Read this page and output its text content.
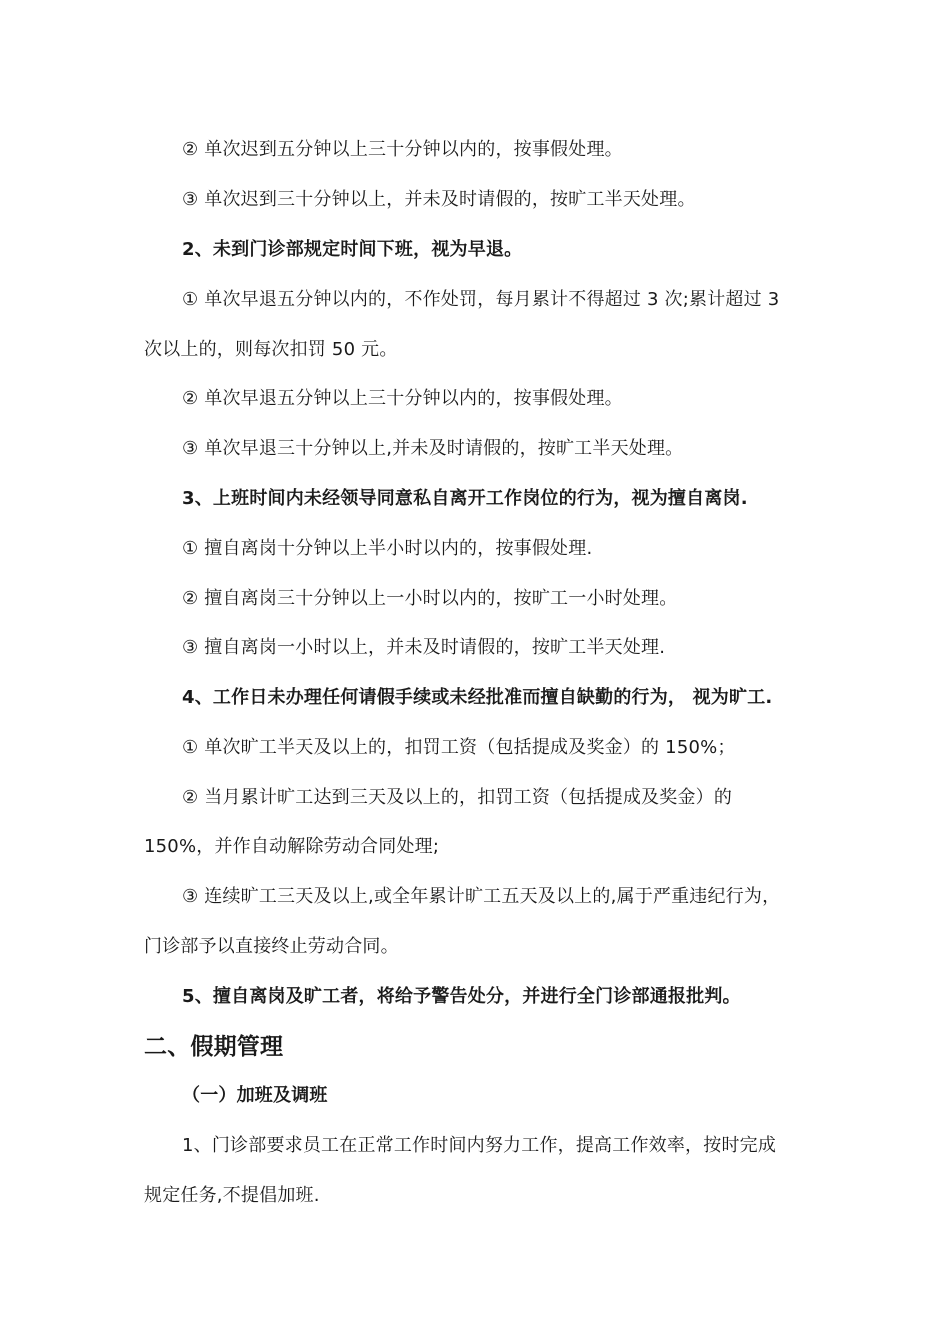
② 单次迟到五分钟以上三十分钟以内的，按事假处理。
③ 单次迟到三十分钟以上，并未及时请假的，按旷工半天处理。
2、未到门诊部规定时间下班，视为早退。
① 单次早退五分钟以内的，不作处罚，每月累计不得超过 3 次;累计超过 3
次以上的，则每次扣罚 50 元。
② 单次早退五分钟以上三十分钟以内的，按事假处理。
③ 单次早退三十分钟以上,并未及时请假的，按旷工半天处理。
3、上班时间内未经领导同意私自离开工作岗位的行为，视为擅自离岗.
① 擅自离岗十分钟以上半小时以内的，按事假处理.
② 擅自离岗三十分钟以上一小时以内的，按旷工一小时处理。
③ 擅自离岗一小时以上，并未及时请假的，按旷工半天处理.
4、工作日未办理任何请假手续或未经批准而擅自缺勤的行为， 视为旷工.
① 单次旷工半天及以上的，扣罚工资（包括提成及奖金）的 150%；
② 当月累计旷工达到三天及以上的，扣罚工资（包括提成及奖金）的
150%，并作自动解除劳动合同处理;
③ 连续旷工三天及以上,或全年累计旷工五天及以上的,属于严重违纪行为，
门诊部予以直接终止劳动合同。
5、擅自离岗及旷工者，将给予警告处分，并进行全门诊部通报批判。
二、假期管理
（一）加班及调班
1、门诊部要求员工在正常工作时间内努力工作，提高工作效率，按时完成
规定任务,不提倡加班.
